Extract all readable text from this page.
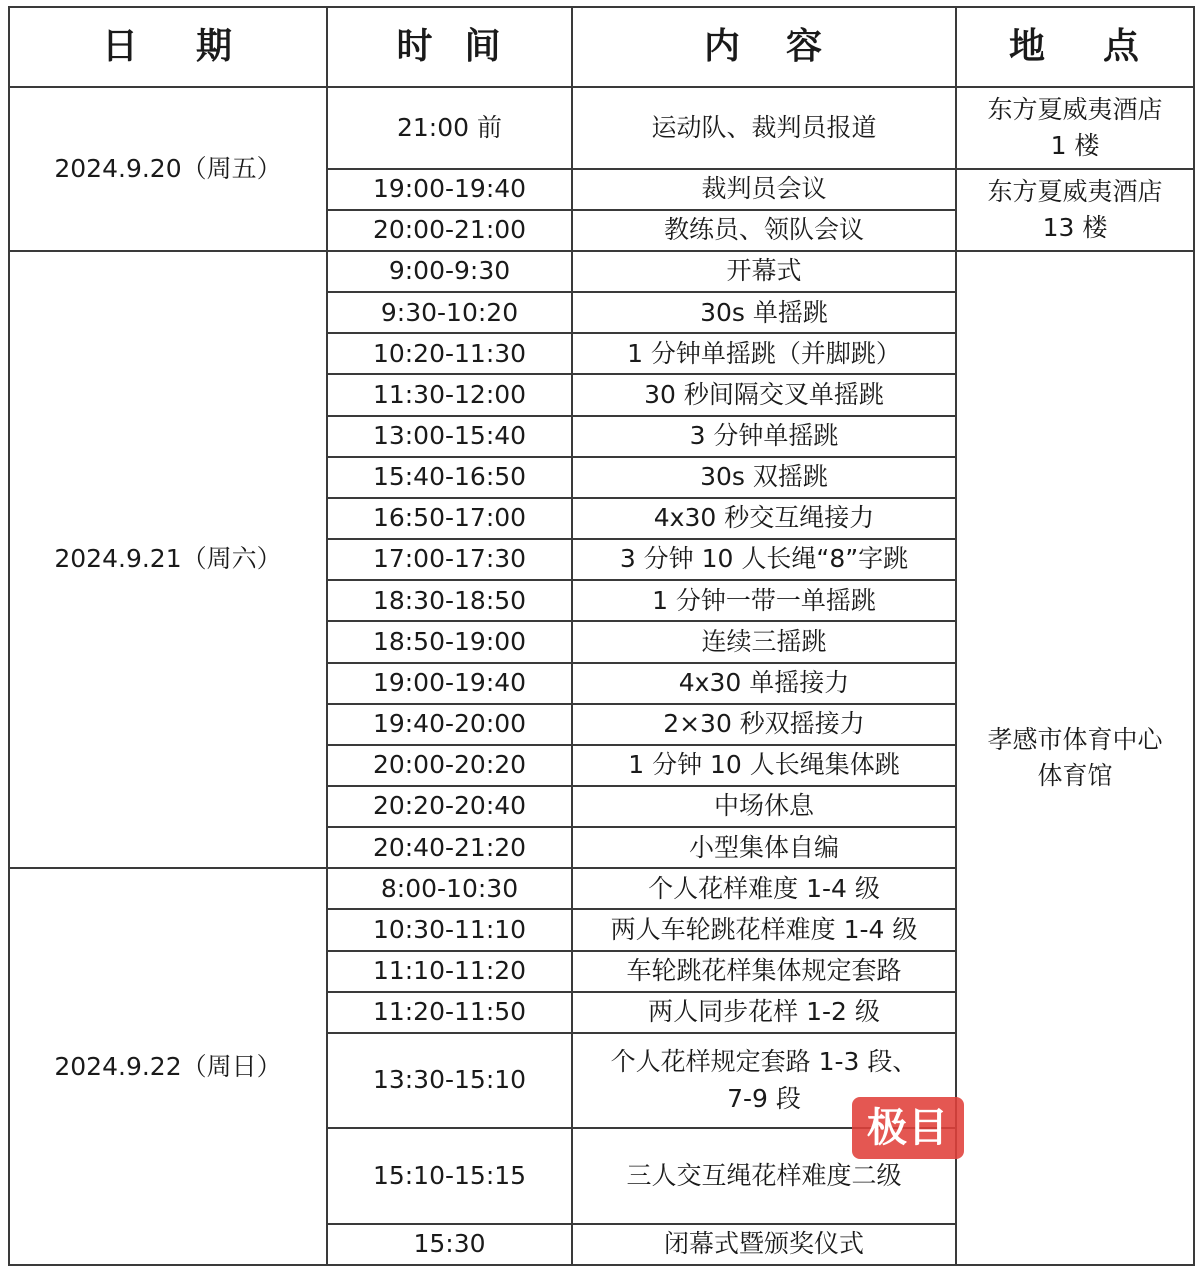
日 期	时 间	内 容	地 点
2024.9.20（周五）	21:00 前	运动队、裁判员报道	东方夏威夷酒店
1 楼

	19:00-19:40	裁判员会议	东方夏威夷酒店
13 楼

	20:00-21:00	教练员、领队会议	
2024.9.21（周六）	9:00-9:30	开幕式	孝感市体育中心
体育馆

	9:30-10:20	30s 单摇跳	
	10:20-11:30	1 分钟单摇跳（并脚跳）	
	11:30-12:00	30 秒间隔交叉单摇跳	
	13:00-15:40	3 分钟单摇跳	
	15:40-16:50	30s 双摇跳	
	16:50-17:00	4x30 秒交互绳接力	
	17:00-17:30	3 分钟 10 人长绳“8”字跳	
	18:30-18:50	1 分钟一带一单摇跳	
	18:50-19:00	连续三摇跳	
	19:00-19:40	4x30 单摇接力	
	19:40-20:00	2×30 秒双摇接力	
	20:00-20:20	1 分钟 10 人长绳集体跳	
	20:20-20:40	中场休息	
	20:40-21:20	小型集体自编	
2024.9.22（周日）	8:00-10:30	个人花样难度 1-4 级	
	10:30-11:10	两人车轮跳花样难度 1-4 级	
	11:10-11:20	车轮跳花样集体规定套路	
	11:20-11:50	两人同步花样 1-2 级	
	13:30-15:10	个人花样规定套路 1-3 段、
7-9 段	

	15:10-15:15	三人交互绳花样难度二级	
	15:30	闭幕式暨颁奖仪式	
极目
